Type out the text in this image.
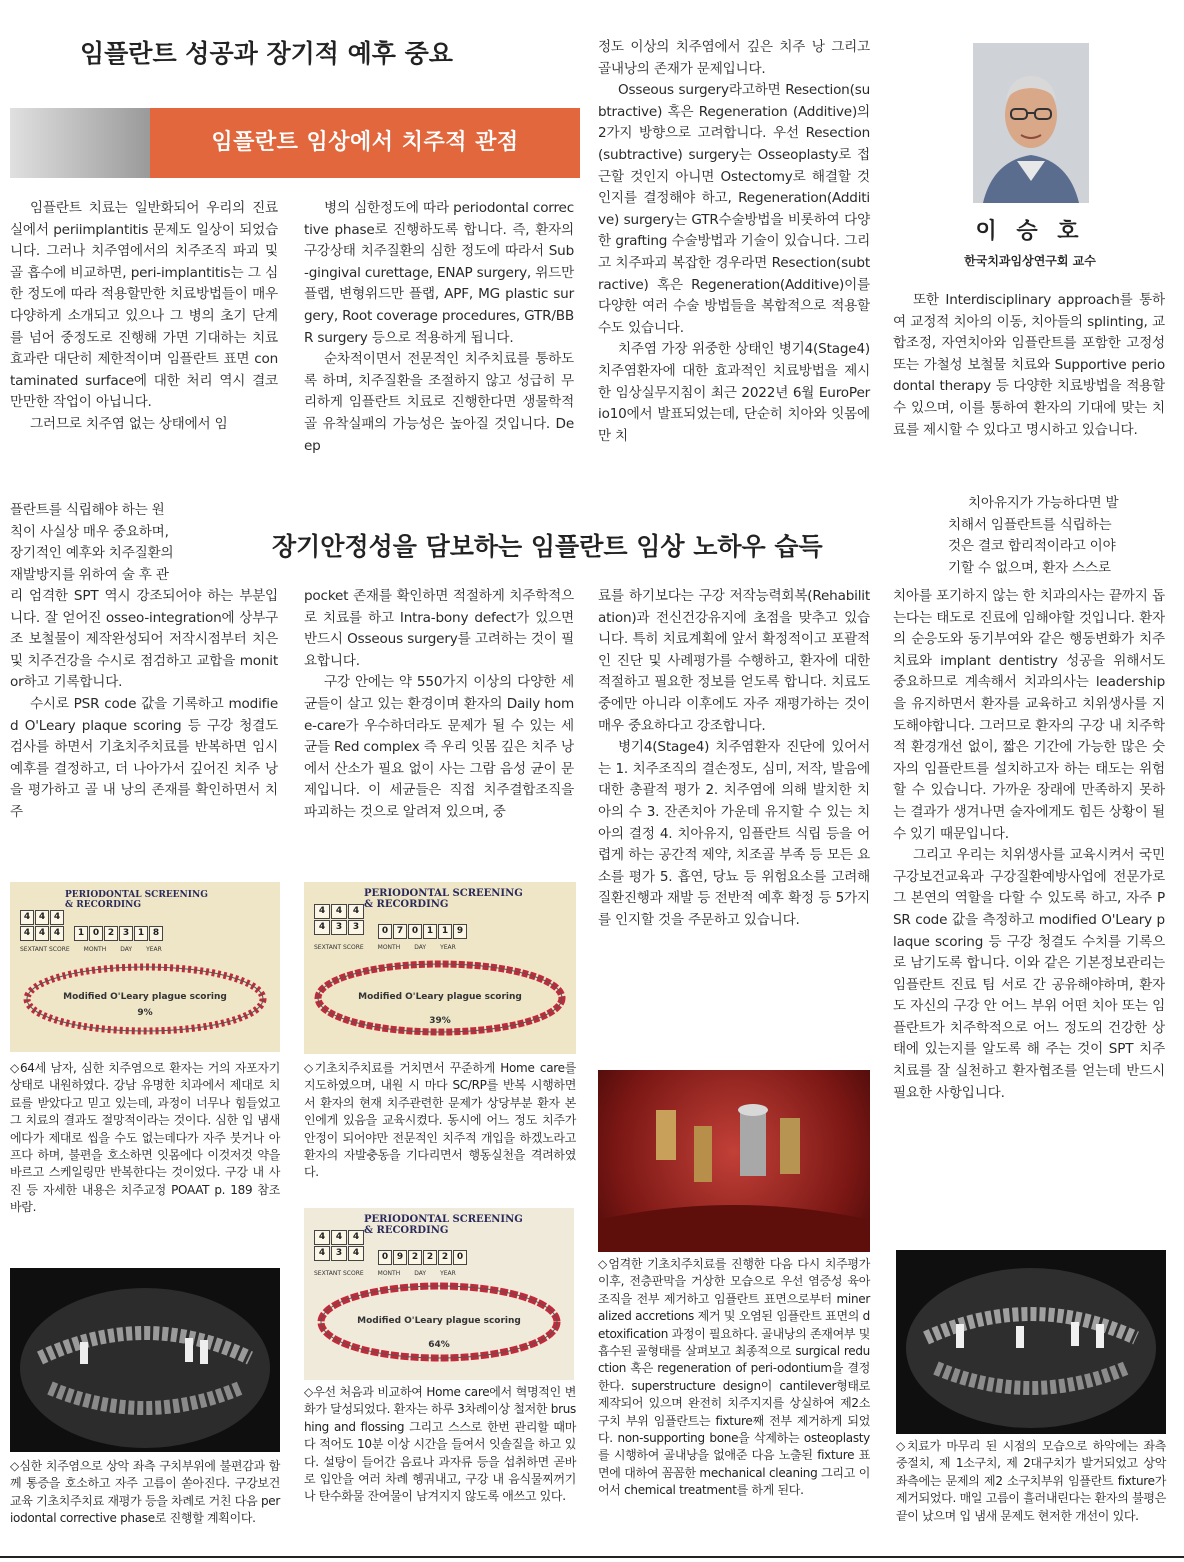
임플란트 성공과 장기적 예후 중요
임플란트 임상에서 치주적 관점
이 승 호
한국치과임상연구회 교수

임플란트 치료는 일반화되어 우리의 진료실에서 periimplantitis 문제도 일상이 되었습니다. 그러나 치주염에서의 치주조직 파괴 및 골 흡수에 비교하면, peri-implantitis는 그 심한 정도에 따라 적용할만한 치료방법들이 매우 다양하게 소개되고 있으나 그 병의 초기 단계를 넘어 중정도로 진행해 가면 기대하는 치료효과란 대단히 제한적이며 임플란트 표면 contaminated surface에 대한 처리 역시 결코 만만한 작업이 아닙니다.

그러므로 치주염 없는 상태에서 임

플란트를 식립해야 하는 원
칙이 사실상 매우 중요하며,
장기적인 예후와 치주질환의
재발방지를 위하여 술 후 관

병의 심한정도에 따라 periodontal corrective phase로 진행하도록 합니다. 즉, 환자의 구강상태 치주질환의 심한 정도에 따라서 Sub-gingival curettage, ENAP surgery, 위드만 플랩, 변형위드만 플랩, APF, MG plastic surgery, Root coverage procedures, GTR/BBR surgery 등으로 적용하게 됩니다.

순차적이면서 전문적인 치주치료를 통하도록 하며, 치주질환을 조절하지 않고 성급히 무리하게 임플란트 치료로 진행한다면 생물학적 골 유착실패의 가능성은 높아질 것입니다. Deep

정도 이상의 치주염에서 깊은 치주 낭 그리고 골내낭의 존재가 문제입니다.

Osseous surgery라고하면 Resection(subtractive) 혹은 Regeneration (Additive)의 2가지 방향으로 고려합니다. 우선 Resection(subtractive) surgery는 Osseoplasty로 접근할 것인지 아니면 Ostectomy로 해결할 것인지를 결정해야 하고, Regeneration(Additive) surgery는 GTR수술방법을 비롯하여 다양한 grafting 수술방법과 기술이 있습니다. 그리고 치주파괴 복잡한 경우라면 Resection(subtractive) 혹은 Regeneration(Additive)이를 다양한 여러 수술 방법들을 복합적으로 적용할 수도 있습니다.

치주염 가장 위중한 상태인 병기4(Stage4) 치주염환자에 대한 효과적인 치료방법을 제시한 임상실무지침이 최근 2022년 6월 EuroPerio10에서 발표되었는데, 단순히 치아와 잇몸에만 치

또한 Interdisciplinary approach를 통하여 교정적 치아의 이동, 치아들의 splinting, 교합조정, 자연치아와 임플란트를 포함한 고정성 또는 가철성 보철물 치료와 Supportive periodontal therapy 등 다양한 치료방법을 적용할 수 있으며, 이를 통하여 환자의 기대에 맞는 치료를 제시할 수 있다고 명시하고 있습니다.

치아유지가 가능하다면 발
치해서 임플란트를 식립하는
것은 결코 합리적이라고 이야
기할 수 없으며, 환자 스스로
장기안정성을 담보하는 임플란트 임상 노하우 습득

리 엄격한 SPT 역시 강조되어야 하는 부분입니다. 잘 얻어진 osseo-integration에 상부구조 보철물이 제작완성되어 저작시점부터 치은 및 치주건강을 수시로 점검하고 교합을 monitor하고 기록합니다.

수시로 PSR code 값을 기록하고 modified O'Leary plaque scoring 등 구강 청결도 검사를 하면서 기초치주치료를 반복하면 임시예후를 결정하고, 더 나아가서 깊어진 치주 낭을 평가하고 골 내 낭의 존재를 확인하면서 치주

pocket 존재를 확인하면 적절하게 치주학적으로 치료를 하고 Intra-bony defect가 있으면 반드시 Osseous surgery를 고려하는 것이 필요합니다.

구강 안에는 약 550가지 이상의 다양한 세균들이 살고 있는 환경이며 환자의 Daily home-care가 우수하더라도 문제가 될 수 있는 세균들 Red complex 즉 우리 잇몸 깊은 치주 낭에서 산소가 필요 없이 사는 그람 음성 균이 문제입니다. 이 세균들은 직접 치주결합조직을 파괴하는 것으로 알려져 있으며, 중

료를 하기보다는 구강 저작능력회복(Rehabilitation)과 전신건강유지에 초점을 맞추고 있습니다. 특히 치료계획에 앞서 확정적이고 포괄적인 진단 및 사례평가를 수행하고, 환자에 대한 적절하고 필요한 정보를 얻도록 합니다. 치료도중에만 아니라 이후에도 자주 재평가하는 것이 매우 중요하다고 강조합니다.

병기4(Stage4) 치주염환자 진단에 있어서는 1. 치주조직의 결손정도, 심미, 저작, 발음에 대한 총괄적 평가 2. 치주염에 의해 발치한 치아의 수 3. 잔존치아 가운데 유지할 수 있는 치아의 결정 4. 치아유지, 임플란트 식립 등을 어렵게 하는 공간적 제약, 치조골 부족 등 모든 요소를 평가 5. 흡연, 당뇨 등 위험요소를 고려해 질환진행과 재발 등 전반적 예후 확정 등 5가지를 인지할 것을 주문하고 있습니다.

치아를 포기하지 않는 한 치과의사는 끝까지 돕는다는 태도로 진료에 임해야할 것입니다. 환자의 순응도와 동기부여와 같은 행동변화가 치주치료와 implant dentistry 성공을 위해서도 중요하므로 계속해서 치과의사는 leadership을 유지하면서 환자를 교육하고 치위생사를 지도해야합니다. 그러므로 환자의 구강 내 치주학적 환경개선 없이, 짧은 기간에 가능한 많은 숫자의 임플란트를 설치하고자 하는 태도는 위험할 수 있습니다. 가까운 장래에 만족하지 못하는 결과가 생겨나면 술자에게도 힘든 상황이 될 수 있기 때문입니다.

그리고 우리는 치위생사를 교육시켜서 국민구강보건교육과 구강질환예방사업에 전문가로 그 본연의 역할을 다할 수 있도록 하고, 자주 PSR code 값을 측정하고 modified O'Leary plaque scoring 등 구강 청결도 수치를 기록으로 남기도록 합니다. 이와 같은 기본정보관리는 임플란트 진료 팀 서로 간 공유해야하며, 환자도 자신의 구강 안 어느 부위 어떤 치아 또는 임플란트가 치주학적으로 어느 정도의 건강한 상태에 있는지를 알도록 해 주는 것이 SPT 치주치료를 잘 실천하고 환자협조를 얻는데 반드시 필요한 사항입니다.

PERIODONTAL SCREENING
& RECORDING
4 4 4
4 4 4	1 0 2 3 1 8
SEXTANT SCORE MONTH DAY YEAR
Modified O'Leary plague scoring
9%
PERIODONTAL SCREENING
& RECORDING
4	4	4
4	3	3	0 7 0 1 1 9
SEXTANT SCORE MONTH DAY YEAR
Modified O'Leary plague scoring
39%
PERIODONTAL SCREENING
& RECORDING
4	4	4
4	3	4	0 9 2 2 2 0
SEXTANT SCORE MONTH DAY YEAR
Modified O'Leary plague scoring
64%

◇64세 남자, 심한 치주염으로 환자는 거의 자포자기 상태로 내원하였다. 강남 유명한 치과에서 제대로 치료를 받았다고 믿고 있는데, 과정이 너무나 힘들었고 그 치료의 결과도 절망적이라는 것이다. 심한 입 냄새에다가 제대로 씹을 수도 없는데다가 자주 붓거나 아프다 하며, 불편을 호소하면 잇몸에다 이것저것 약을 바르고 스케일링만 반복한다는 것이었다. 구강 내 사진 등 자세한 내용은 치주교정 POAAT p. 189 참조 바람.

◇기초치주치료를 거치면서 꾸준하게 Home care를 지도하였으며, 내원 시 마다 SC/RP를 반복 시행하면서 환자의 현재 치주관련한 문제가 상당부분 환자 본인에게 있음을 교육시켰다. 동시에 어느 정도 치주가 안정이 되어야만 전문적인 치주적 개입을 하겠노라고 환자의 자발충동을 기다리면서 행동실천을 격려하였다.

◇우선 처음과 비교하여 Home care에서 혁명적인 변화가 달성되었다. 환자는 하루 3차례이상 철저한 brushing and flossing 그리고 스스로 한번 관리할 때마다 적어도 10분 이상 시간을 들여서 잇솔질을 하고 있다. 설탕이 들어간 음료나 과자류 등을 섭취하면 곧바로 입안을 여러 차례 헹궈내고, 구강 내 음식물찌꺼기나 탄수화물 잔여물이 남겨지지 않도록 애쓰고 있다.

◇심한 치주염으로 상악 좌측 구치부위에 불편감과 함께 통증을 호소하고 자주 고름이 쏟아진다. 구강보건교육 기초치주치료 재평가 등을 차례로 거친 다음 periodontal corrective phase로 진행할 계획이다.

◇엄격한 기초치주치료를 진행한 다음 다시 치주평가 이후, 전층판막을 거상한 모습으로 우선 염증성 육아조직을 전부 제거하고 임플란트 표면으로부터 mineralized accretions 제거 및 오염된 임플란트 표면의 detoxification 과정이 필요하다. 골내낭의 존재여부 및 흡수된 골형태를 살펴보고 최종적으로 surgical reduction 혹은 regeneration of peri-odontium을 결정한다. superstructure design이 cantilever형태로 제작되어 있으며 완전히 치주지지를 상실하여 제2소구치 부위 임플란트는 fixture째 전부 제거하게 되었다. non-supporting bone을 삭제하는 osteoplasty를 시행하여 골내낭을 없애준 다음 노출된 fixture 표면에 대하여 꼼꼼한 mechanical cleaning 그리고 이어서 chemical treatment를 하게 된다.

◇치료가 마무리 된 시점의 모습으로 하악에는 좌측 중절치, 제 1소구치, 제 2대구치가 발거되었고 상악 좌측에는 문제의 제2 소구치부위 임플란트 fixture가 제거되었다. 매일 고름이 흘러내린다는 환자의 불평은 끝이 났으며 입 냄새 문제도 현저한 개선이 있다.
